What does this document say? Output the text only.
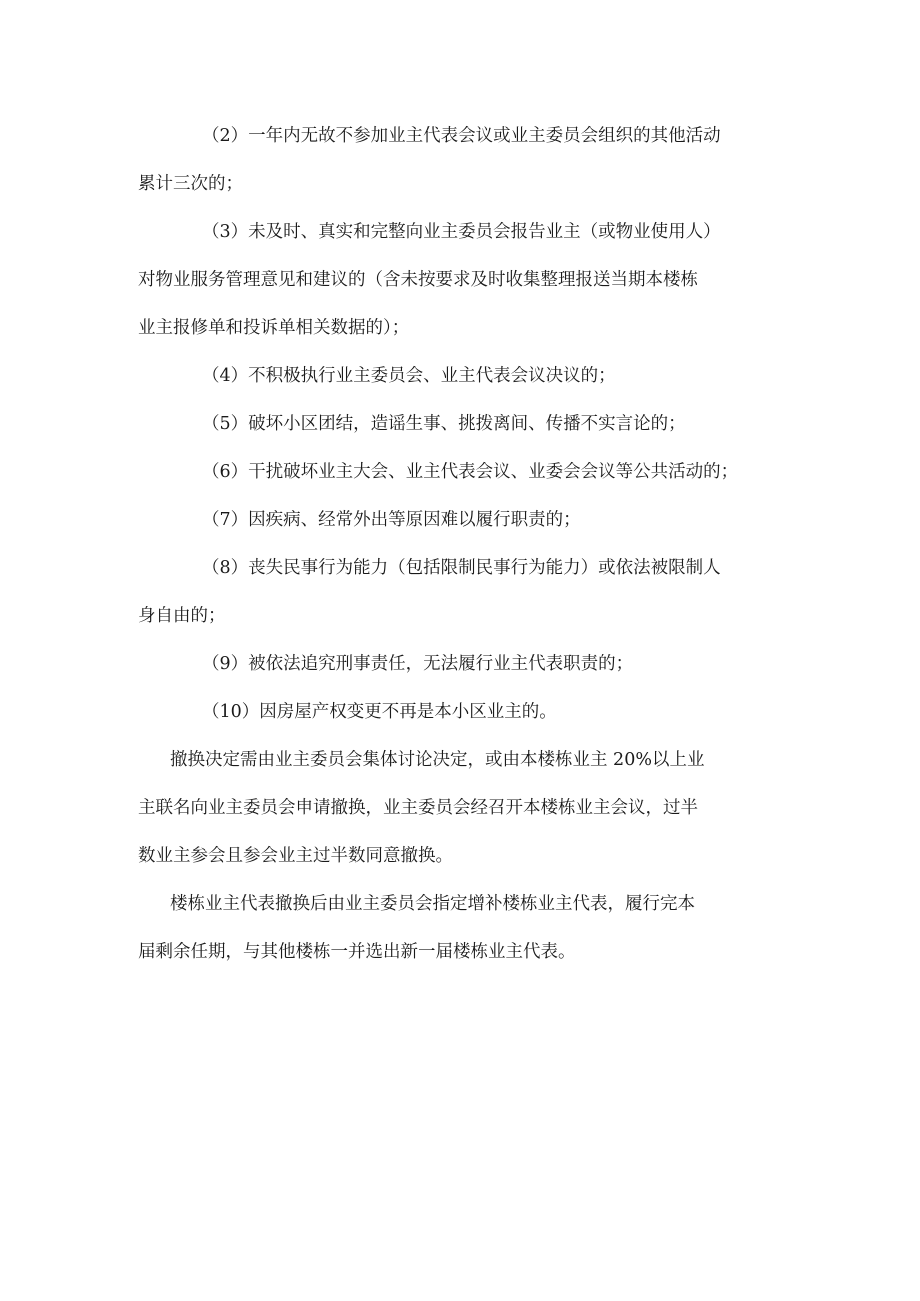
（2）一年内无故不参加业主代表会议或业主委员会组织的其他活动
累计三次的；
（3）未及时、真实和完整向业主委员会报告业主（或物业使用人）
对物业服务管理意见和建议的（含未按要求及时收集整理报送当期本楼栋
业主报修单和投诉单相关数据的）；
（4）不积极执行业主委员会、业主代表会议决议的；
（5）破坏小区团结，造谣生事、挑拨离间、传播不实言论的；
（6）干扰破坏业主大会、业主代表会议、业委会会议等公共活动的；
（7）因疾病、经常外出等原因难以履行职责的；
（8）丧失民事行为能力（包括限制民事行为能力）或依法被限制人
身自由的；
（9）被依法追究刑事责任，无法履行业主代表职责的；
（10）因房屋产权变更不再是本小区业主的。
撤换决定需由业主委员会集体讨论决定，或由本楼栋业主 20%以上业
主联名向业主委员会申请撤换，业主委员会经召开本楼栋业主会议，过半
数业主参会且参会业主过半数同意撤换。
楼栋业主代表撤换后由业主委员会指定增补楼栋业主代表，履行完本
届剩余任期，与其他楼栋一并选出新一届楼栋业主代表。
